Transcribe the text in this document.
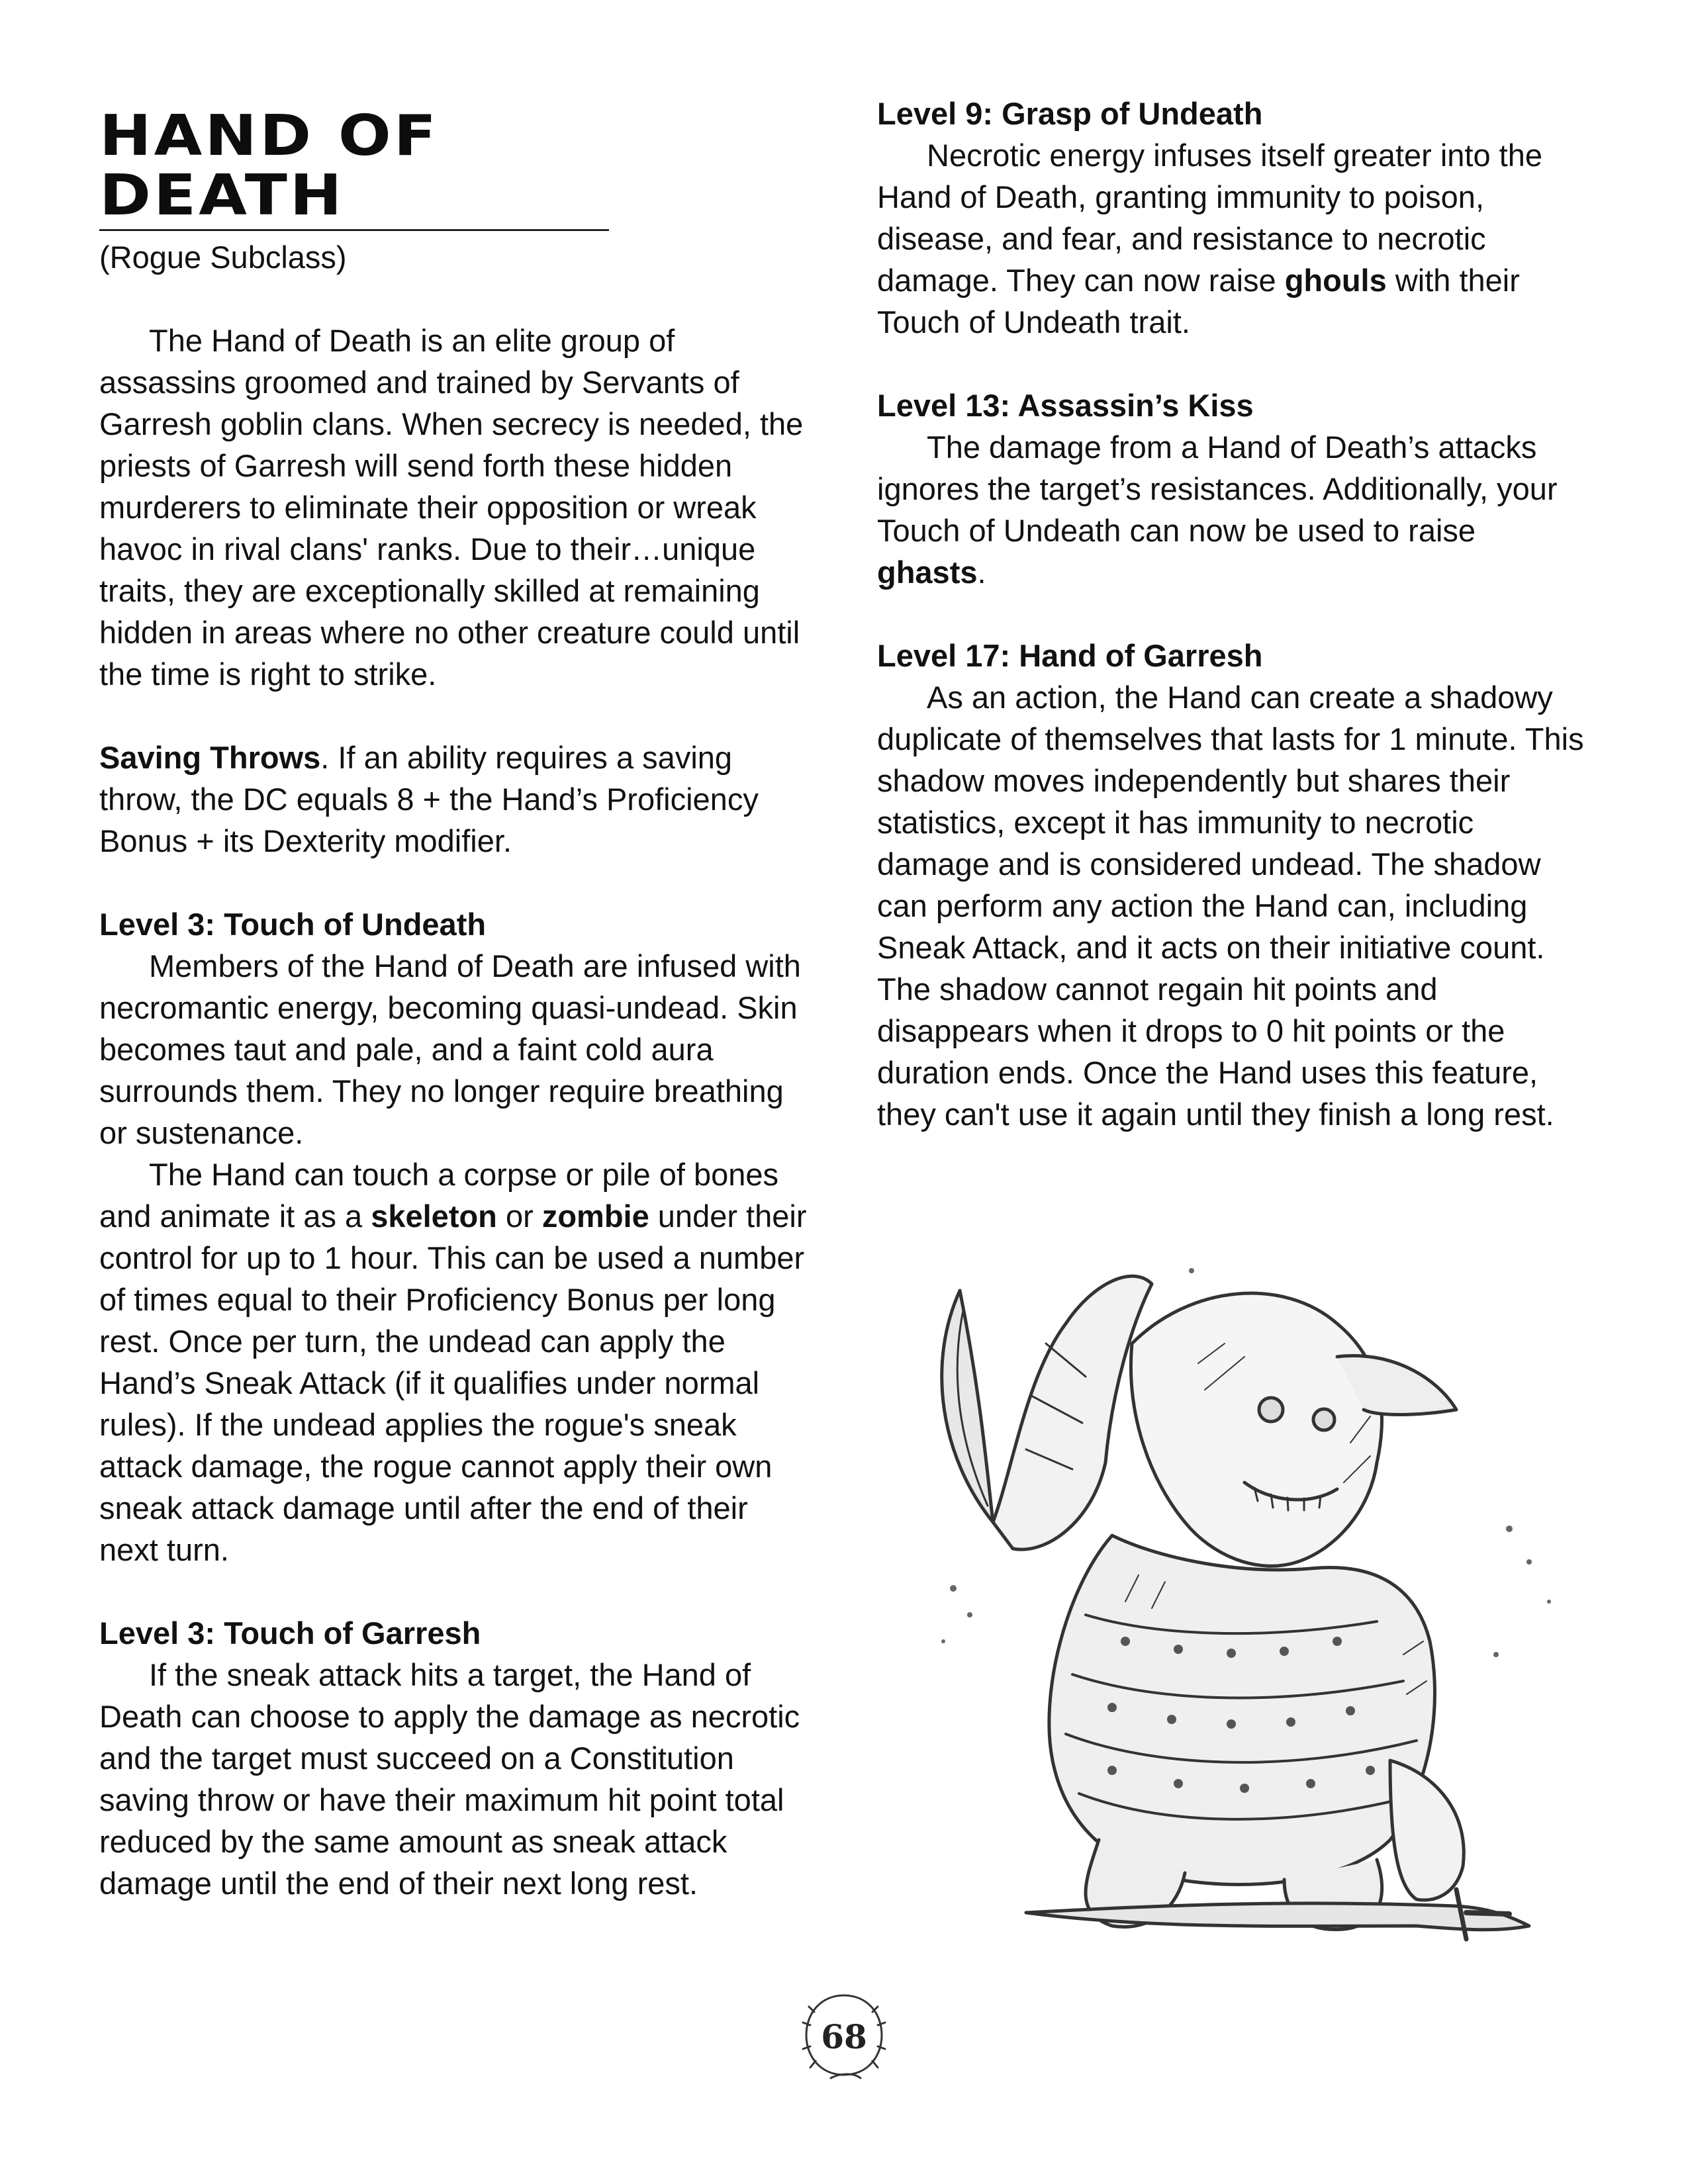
HAND OF DEATH

(Rogue Subclass)

The Hand of Death is an elite group of assassins groomed and trained by Servants of Garresh goblin clans. When secrecy is needed, the priests of Garresh will send forth these hidden murderers to eliminate their opposition or wreak havoc in rival clans' ranks. Due to their…unique traits, they are exceptionally skilled at remaining hidden in areas where no other creature could until the time is right to strike.

Saving Throws. If an ability requires a saving throw, the DC equals 8 + the Hand’s Proficiency Bonus + its Dexterity modifier.

Level 3: Touch of Undeath

Members of the Hand of Death are infused with necromantic energy, becoming quasi-undead. Skin becomes taut and pale, and a faint cold aura surrounds them. They no longer require breathing or sustenance.

The Hand can touch a corpse or pile of bones and animate it as a skeleton or zombie under their control for up to 1 hour. This can be used a number of times equal to their Proficiency Bonus per long rest. Once per turn, the undead can apply the Hand’s Sneak Attack (if it qualifies under normal rules). If the undead applies the rogue's sneak attack damage, the rogue cannot apply their own sneak attack damage until after the end of their next turn.

Level 3: Touch of Garresh

If the sneak attack hits a target, the Hand of Death can choose to apply the damage as necrotic and the target must succeed on a Constitution saving throw or have their maximum hit point total reduced by the same amount as sneak attack damage until the end of their next long rest.

Level 9: Grasp of Undeath

Necrotic energy infuses itself greater into the Hand of Death, granting immunity to poison, disease, and fear, and resistance to necrotic damage. They can now raise ghouls with their Touch of Undeath trait.

Level 13: Assassin’s Kiss

The damage from a Hand of Death’s attacks ignores the target’s resistances. Additionally, your Touch of Undeath can now be used to raise ghasts.

Level 17: Hand of Garresh

As an action, the Hand can create a shadowy duplicate of themselves that lasts for 1 minute. This shadow moves independently but shares their statistics, except it has immunity to necrotic damage and is considered undead. The shadow can perform any action the Hand can, including Sneak Attack, and it acts on their initiative count. The shadow cannot regain hit points and disappears when it drops to 0 hit points or the duration ends. Once the Hand uses this feature, they can't use it again until they finish a long rest.

68
